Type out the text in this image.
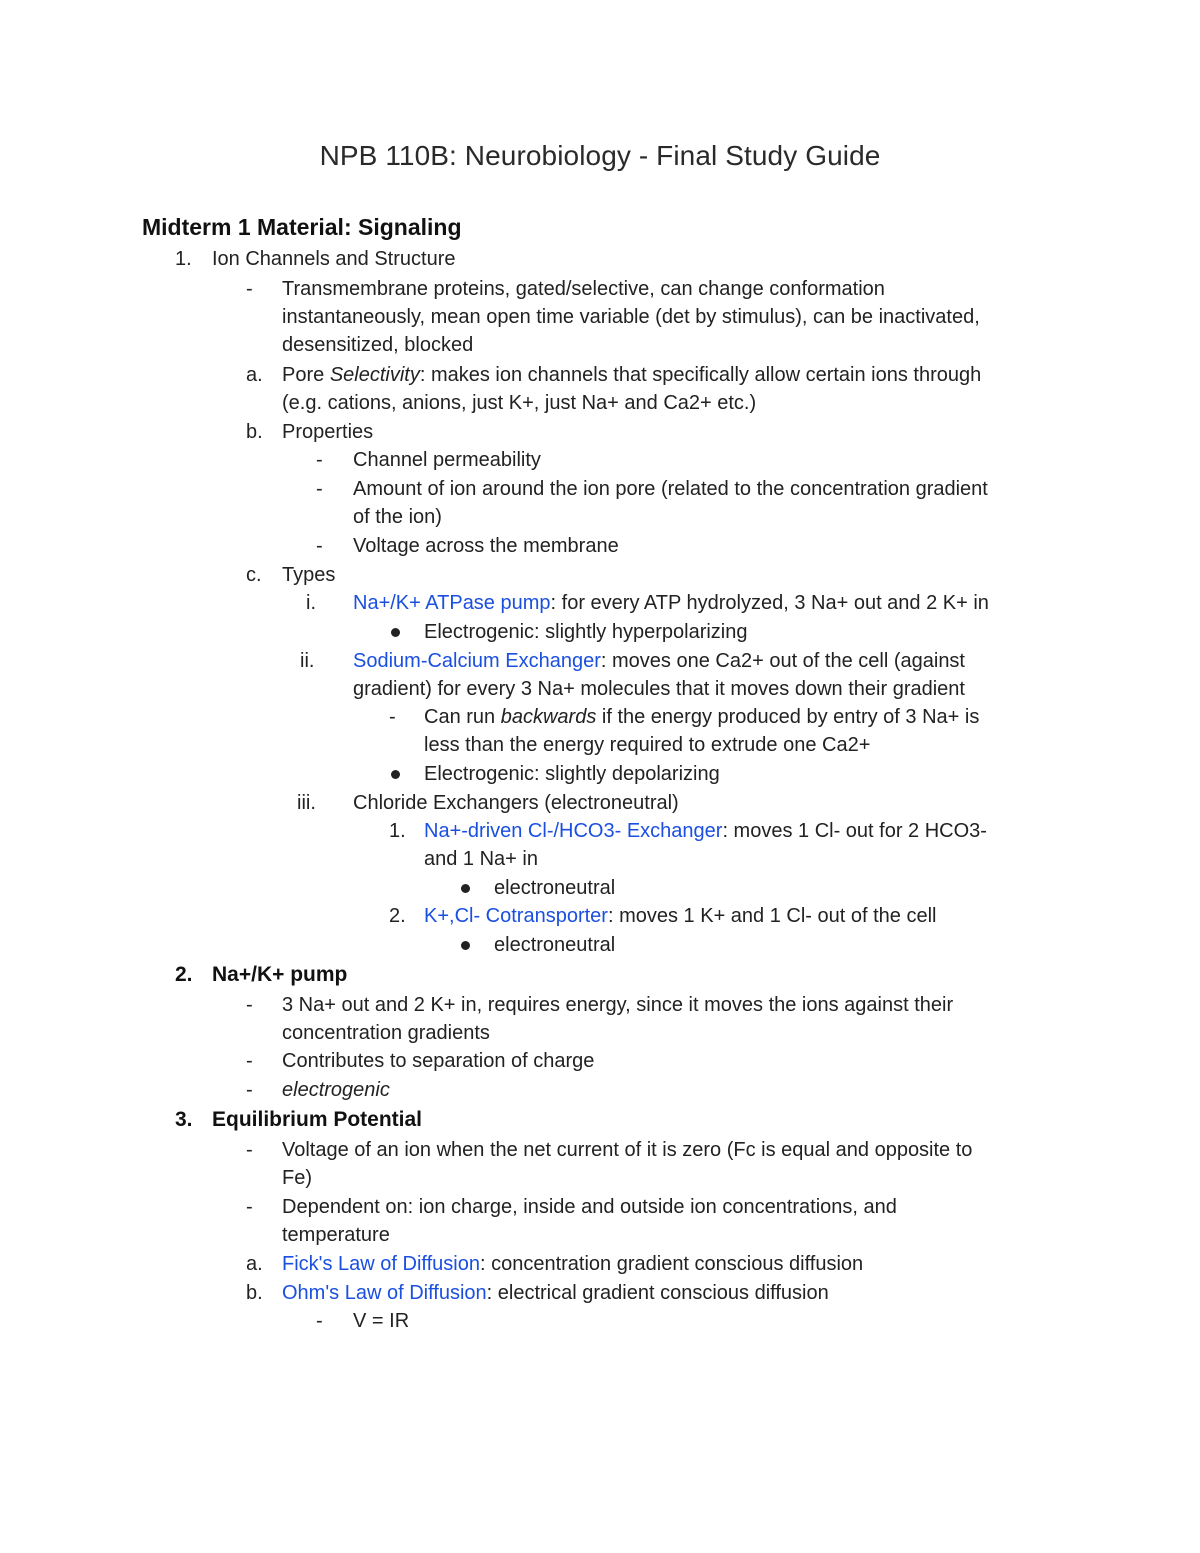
NPB 110B: Neurobiology - Final Study Guide
Midterm 1 Material: Signaling
1. Ion Channels and Structure
- Transmembrane proteins, gated/selective, can change conformation
instantaneously, mean open time variable (det by stimulus), can be inactivated,
desensitized, blocked
a. Pore Selectivity: makes ion channels that specifically allow certain ions through
(e.g. cations, anions, just K+, just Na+ and Ca2+ etc.)
b. Properties
- Channel permeability
- Amount of ion around the ion pore (related to the concentration gradient
of the ion)
- Voltage across the membrane
c. Types
i. Na+/K+ ATPase pump: for every ATP hydrolyzed, 3 Na+ out and 2 K+ in
Electrogenic: slightly hyperpolarizing
ii. Sodium-Calcium Exchanger: moves one Ca2+ out of the cell (against
gradient) for every 3 Na+ molecules that it moves down their gradient
- Can run backwards if the energy produced by entry of 3 Na+ is
less than the energy required to extrude one Ca2+
Electrogenic: slightly depolarizing
iii. Chloride Exchangers (electroneutral)
1. Na+-driven Cl-/HCO3- Exchanger: moves 1 Cl- out for 2 HCO3-
and 1 Na+ in
electroneutral
2. K+,Cl- Cotransporter: moves 1 K+ and 1 Cl- out of the cell
electroneutral
2. Na+/K+ pump
- 3 Na+ out and 2 K+ in, requires energy, since it moves the ions against their
concentration gradients
- Contributes to separation of charge
- electrogenic
3. Equilibrium Potential
- Voltage of an ion when the net current of it is zero (Fc is equal and opposite to
Fe)
- Dependent on: ion charge, inside and outside ion concentrations, and
temperature
a. Fick's Law of Diffusion: concentration gradient conscious diffusion
b. Ohm's Law of Diffusion: electrical gradient conscious diffusion
- V = IR
